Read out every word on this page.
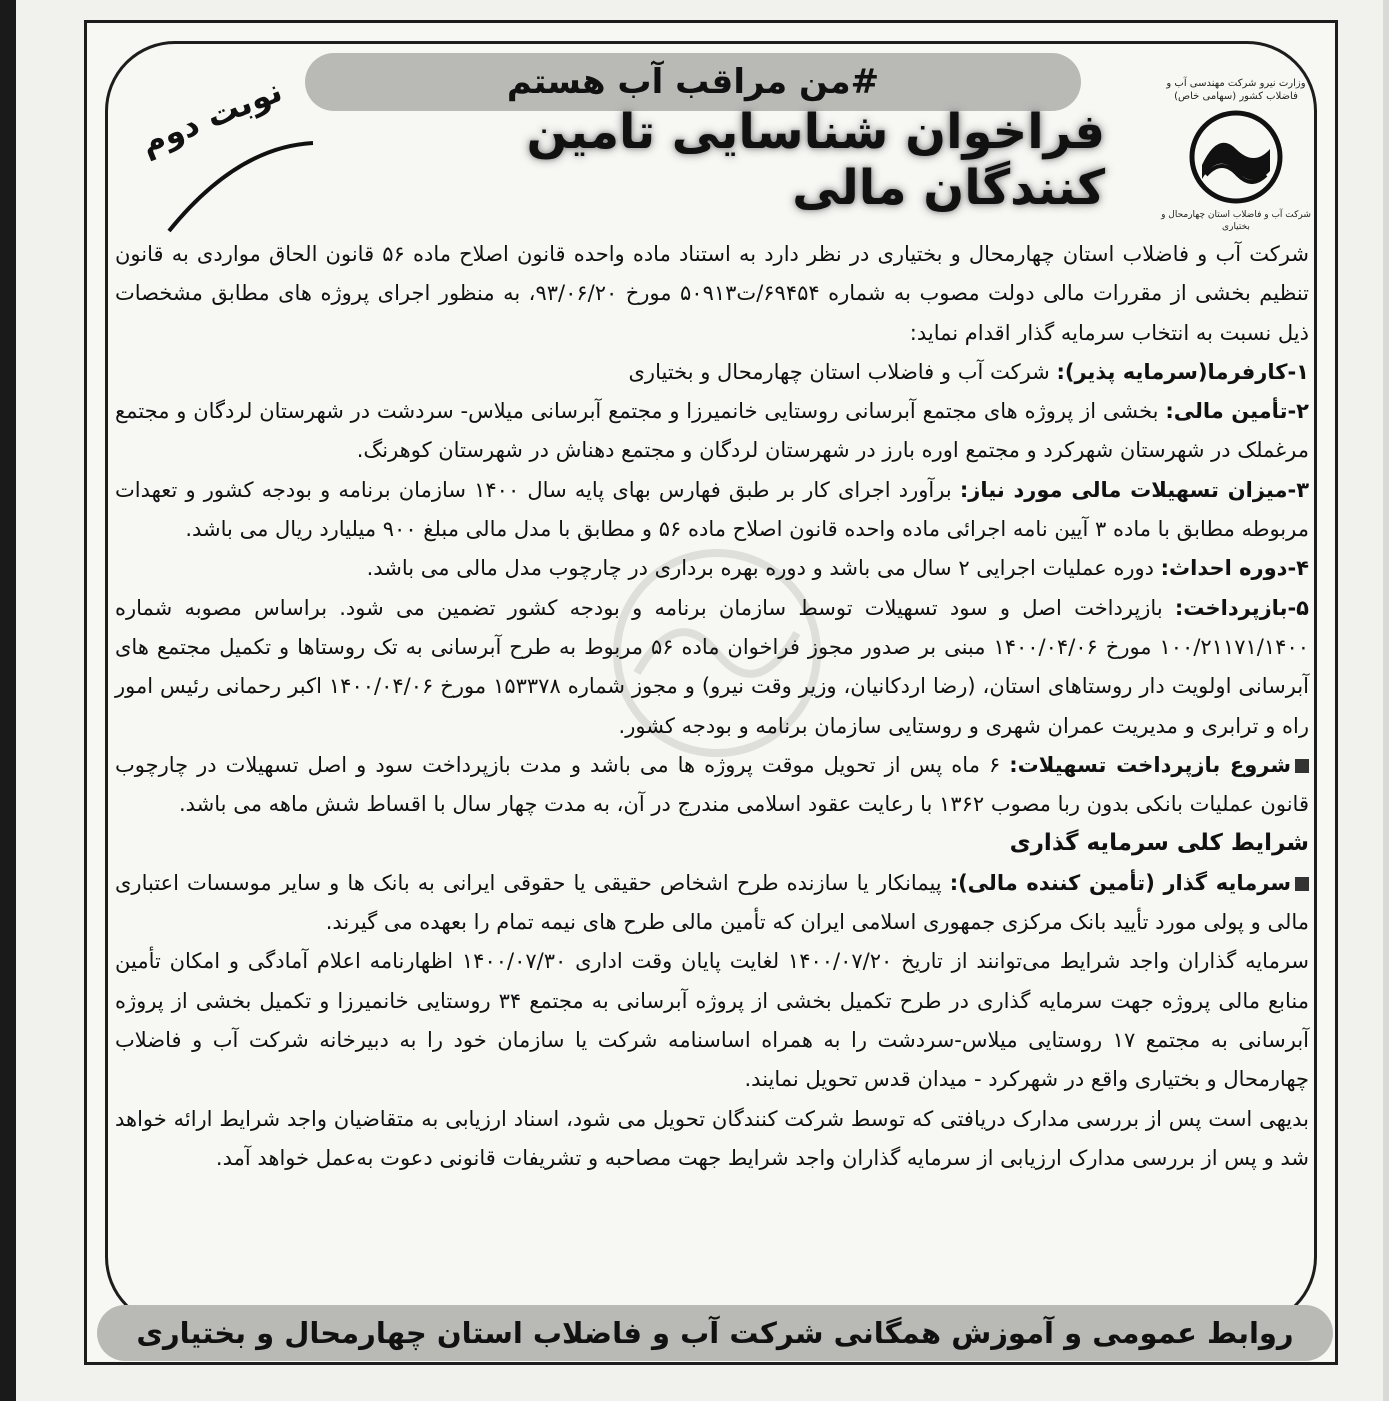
#من مراقب آب هستم
فراخوان شناسایی تامین کنندگان مالی
وزارت نیرو شرکت مهندسی آب و فاضلاب کشور (سهامی خاص)
شرکت آب و فاضلاب استان چهارمحال و بختیاری
نوبت دوم

شرکت آب و فاضلاب استان چهارمحال و بختیاری در نظر دارد به استناد ماده واحده قانون اصلاح ماده ۵۶ قانون الحاق مواردی به قانون تنظیم بخشی از مقررات مالی دولت مصوب به شماره ۶۹۴۵۴/ت۵۰۹۱۳ مورخ ۹۳/۰۶/۲۰، به منظور اجرای پروژه های مطابق مشخصات ذیل نسبت به انتخاب سرمایه گذار اقدام نماید:

۱-کارفرما(سرمایه پذیر): شرکت آب و فاضلاب استان چهارمحال و بختیاری

۲-تأمین مالی: بخشی از پروژه های مجتمع آبرسانی روستایی خانمیرزا و مجتمع آبرسانی میلاس- سردشت در شهرستان لردگان و مجتمع مرغملک در شهرستان شهرکرد و مجتمع اوره بارز در شهرستان لردگان و مجتمع دهناش در شهرستان کوهرنگ.

۳-میزان تسهیلات مالی مورد نیاز: برآورد اجرای کار بر طبق فهارس بهای پایه سال ۱۴۰۰ سازمان برنامه و بودجه کشور و تعهدات مربوطه مطابق با ماده ۳ آیین نامه اجرائی ماده واحده قانون اصلاح ماده ۵۶ و مطابق با مدل مالی مبلغ ۹۰۰ میلیارد ریال می باشد.

۴-دوره احداث: دوره عملیات اجرایی ۲ سال می باشد و دوره بهره برداری در چارچوب مدل مالی می باشد.

۵-بازپرداخت: بازپرداخت اصل و سود تسهیلات توسط سازمان برنامه و بودجه کشور تضمین می شود. براساس مصوبه شماره ۱۰۰/۲۱۱۷۱/۱۴۰۰ مورخ ۱۴۰۰/۰۴/۰۶ مبنی بر صدور مجوز فراخوان ماده ۵۶ مربوط به طرح آبرسانی به تک روستاها و تکمیل مجتمع های آبرسانی اولویت دار روستاهای استان، (رضا اردکانیان، وزیر وقت نیرو) و مجوز شماره ۱۵۳۳۷۸ مورخ ۱۴۰۰/۰۴/۰۶ اکبر رحمانی رئیس امور راه و ترابری و مدیریت عمران شهری و روستایی سازمان برنامه و بودجه کشور.

شروع بازپرداخت تسهیلات: ۶ ماه پس از تحویل موقت پروژه ها می باشد و مدت بازپرداخت سود و اصل تسهیلات در چارچوب قانون عملیات بانکی بدون ربا مصوب ۱۳۶۲ با رعایت عقود اسلامی مندرج در آن، به مدت چهار سال با اقساط شش ماهه می باشد.

شرایط کلی سرمایه گذاری

سرمایه گذار (تأمین کننده مالی): پیمانکار یا سازنده طرح اشخاص حقیقی یا حقوقی ایرانی به بانک ها و سایر موسسات اعتباری مالی و پولی مورد تأیید بانک مرکزی جمهوری اسلامی ایران که تأمین مالی طرح های نیمه تمام را بعهده می گیرند.

سرمایه گذاران واجد شرایط می‌توانند از تاریخ ۱۴۰۰/۰۷/۲۰ لغایت پایان وقت اداری ۱۴۰۰/۰۷/۳۰ اظهارنامه اعلام آمادگی و امکان تأمین منابع مالی پروژه جهت سرمایه گذاری در طرح تکمیل بخشی از پروژه آبرسانی به مجتمع ۳۴ روستایی خانمیرزا و تکمیل بخشی از پروژه آبرسانی به مجتمع ۱۷ روستایی میلاس-سردشت را به همراه اساسنامه شرکت یا سازمان خود را به دبیرخانه شرکت آب و فاضلاب چهارمحال و بختیاری واقع در شهرکرد - میدان قدس تحویل نمایند.

بدیهی است پس از بررسی مدارک دریافتی که توسط شرکت کنندگان تحویل می شود، اسناد ارزیابی به متقاضیان واجد شرایط ارائه خواهد شد و پس از بررسی مدارک ارزیابی از سرمایه گذاران واجد شرایط جهت مصاحبه و تشریفات قانونی دعوت به‌عمل خواهد آمد.

روابط عمومی و آموزش همگانی شرکت آب و فاضلاب استان چهارمحال و بختیاری
